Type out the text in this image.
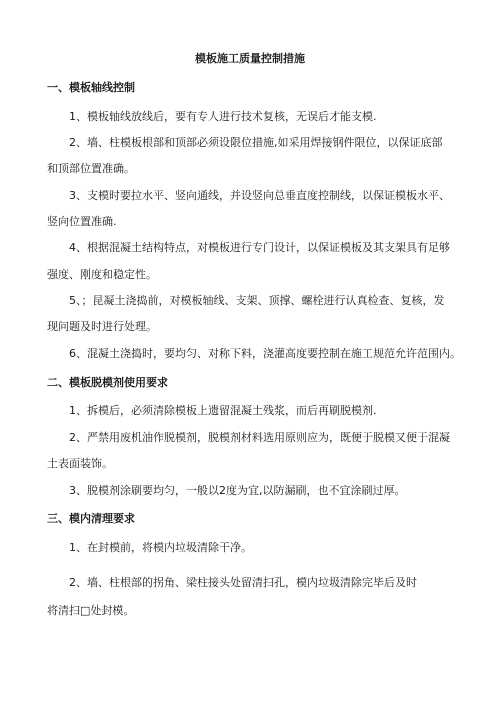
模板施工质量控制措施
一、模板轴线控制
1、模板轴线放线后，要有专人进行技术复核，无误后才能支模.
2、墙、柱模板根部和顶部必须设限位措施,如采用焊接钢件限位，以保证底部
和顶部位置准确。
3、支模时要拉水平、竖向通线，并设竖向总垂直度控制线，以保证模板水平、
竖向位置准确.
4、根据混凝土结构特点，对模板进行专门设计，以保证模板及其支架具有足够
强度、刚度和稳定性。
5、；昆凝土浇捣前，对模板轴线、支架、顶撑、螺栓进行认真检查、复核，发
现问题及时进行处理。
6、混凝土浇捣时，要均匀、对称下料，浇灌高度要控制在施工规范允许范围内。
二、模板脱模剂使用要求
1、拆模后，必须清除模板上遗留混凝土残浆，而后再刷脱模剂.
2、严禁用废机油作脱模剂，脱模剂材料选用原则应为，既便于脱模又便于混凝
土表面装饰。
3、脱模剂涂刷要均匀，一般以2度为宜,以防漏刷，也不宜涂刷过厚。
三、模内清理要求
1、在封模前，将模内垃圾清除干净。
2、墙、柱根部的拐角、梁柱接头处留清扫孔，模内垃圾清除完毕后及时
将清扫□处封模。
